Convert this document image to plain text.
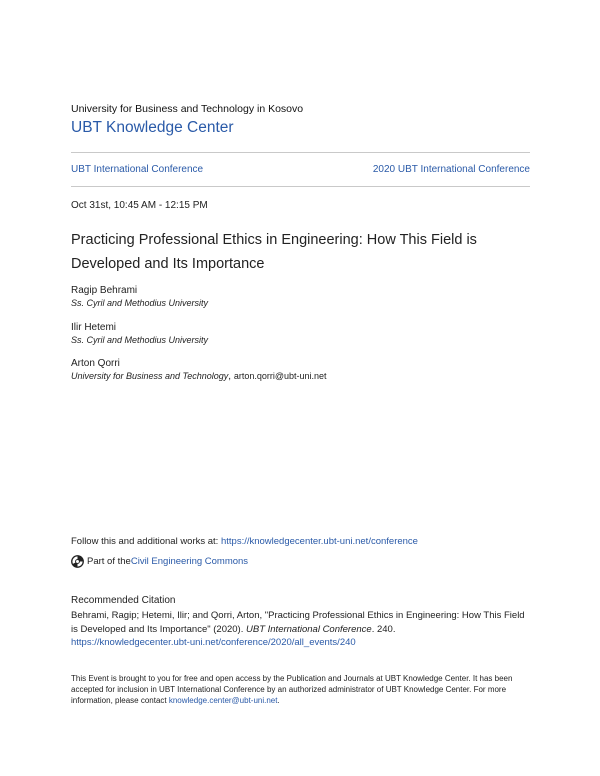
University for Business and Technology in Kosovo
UBT Knowledge Center
UBT International Conference	2020 UBT International Conference
Oct 31st, 10:45 AM - 12:15 PM
Practicing Professional Ethics in Engineering: How This Field is Developed and Its Importance
Ragip Behrami
Ss. Cyril and Methodius University
Ilir Hetemi
Ss. Cyril and Methodius University
Arton Qorri
University for Business and Technology, arton.qorri@ubt-uni.net
Follow this and additional works at: https://knowledgecenter.ubt-uni.net/conference
Part of the Civil Engineering Commons
Recommended Citation
Behrami, Ragip; Hetemi, Ilir; and Qorri, Arton, "Practicing Professional Ethics in Engineering: How This Field is Developed and Its Importance" (2020). UBT International Conference. 240.
https://knowledgecenter.ubt-uni.net/conference/2020/all_events/240
This Event is brought to you for free and open access by the Publication and Journals at UBT Knowledge Center. It has been accepted for inclusion in UBT International Conference by an authorized administrator of UBT Knowledge Center. For more information, please contact knowledge.center@ubt-uni.net.
